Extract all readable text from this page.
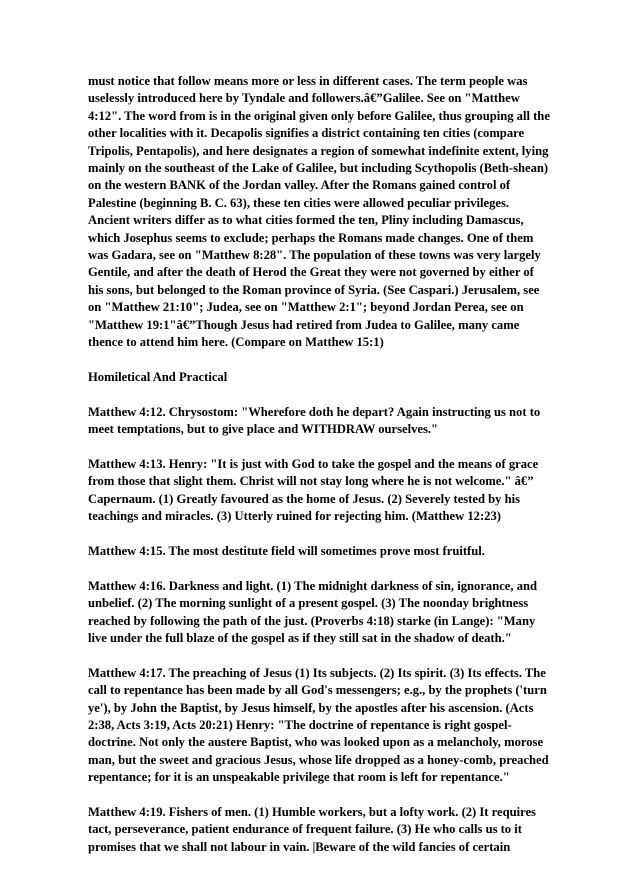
must notice that follow means more or less in different cases. The term people was uselessly introduced here by Tyndale and followers.â€”Galilee. See on "Matthew 4:12". The word from is in the original given only before Galilee, thus grouping all the other localities with it. Decapolis signifies a district containing ten cities (compare Tripolis, Pentapolis), and here designates a region of somewhat indefinite extent, lying mainly on the southeast of the Lake of Galilee, but including Scythopolis (Beth-shean) on the western BANK of the Jordan valley. After the Romans gained control of Palestine (beginning B. C. 63), these ten cities were allowed peculiar privileges. Ancient writers differ as to what cities formed the ten, Pliny including Damascus, which Josephus seems to exclude; perhaps the Romans made changes. One of them was Gadara, see on "Matthew 8:28". The population of these towns was very largely Gentile, and after the death of Herod the Great they were not governed by either of his sons, but belonged to the Roman province of Syria. (See Caspari.) Jerusalem, see on "Matthew 21:10"; Judea, see on "Matthew 2:1"; beyond Jordan Perea, see on "Matthew 19:1"â€”Though Jesus had retired from Judea to Galilee, many came thence to attend him here. (Compare on Matthew 15:1)

Homiletical And Practical

Matthew 4:12. Chrysostom: "Wherefore doth he depart? Again instructing us not to meet temptations, but to give place and WITHDRAW ourselves."

Matthew 4:13. Henry: "It is just with God to take the gospel and the means of grace from those that slight them. Christ will not stay long where he is not welcome." â€” Capernaum. (1) Greatly favoured as the home of Jesus. (2) Severely tested by his teachings and miracles. (3) Utterly ruined for rejecting him. (Matthew 12:23)

Matthew 4:15. The most destitute field will sometimes prove most fruitful.

Matthew 4:16. Darkness and light. (1) The midnight darkness of sin, ignorance, and unbelief. (2) The morning sunlight of a present gospel. (3) The noonday brightness reached by following the path of the just. (Proverbs 4:18) starke (in Lange): "Many live under the full blaze of the gospel as if they still sat in the shadow of death."

Matthew 4:17. The preaching of Jesus (1) Its subjects. (2) Its spirit. (3) Its effects. The call to repentance has been made by all God's messengers; e.g., by the prophets ('turn ye'), by John the Baptist, by Jesus himself, by the apostles after his ascension. (Acts 2:38, Acts 3:19, Acts 20:21) Henry: "The doctrine of repentance is right gospel-doctrine. Not only the austere Baptist, who was looked upon as a melancholy, morose man, but the sweet and gracious Jesus, whose life dropped as a honey-comb, preached repentance; for it is an unspeakable privilege that room is left for repentance."

Matthew 4:19. Fishers of men. (1) Humble workers, but a lofty work. (2) It requires tact, perseverance, patient endurance of frequent failure. (3) He who calls us to it promises that we shall not labour in vain. |Beware of the wild fancies of certain
